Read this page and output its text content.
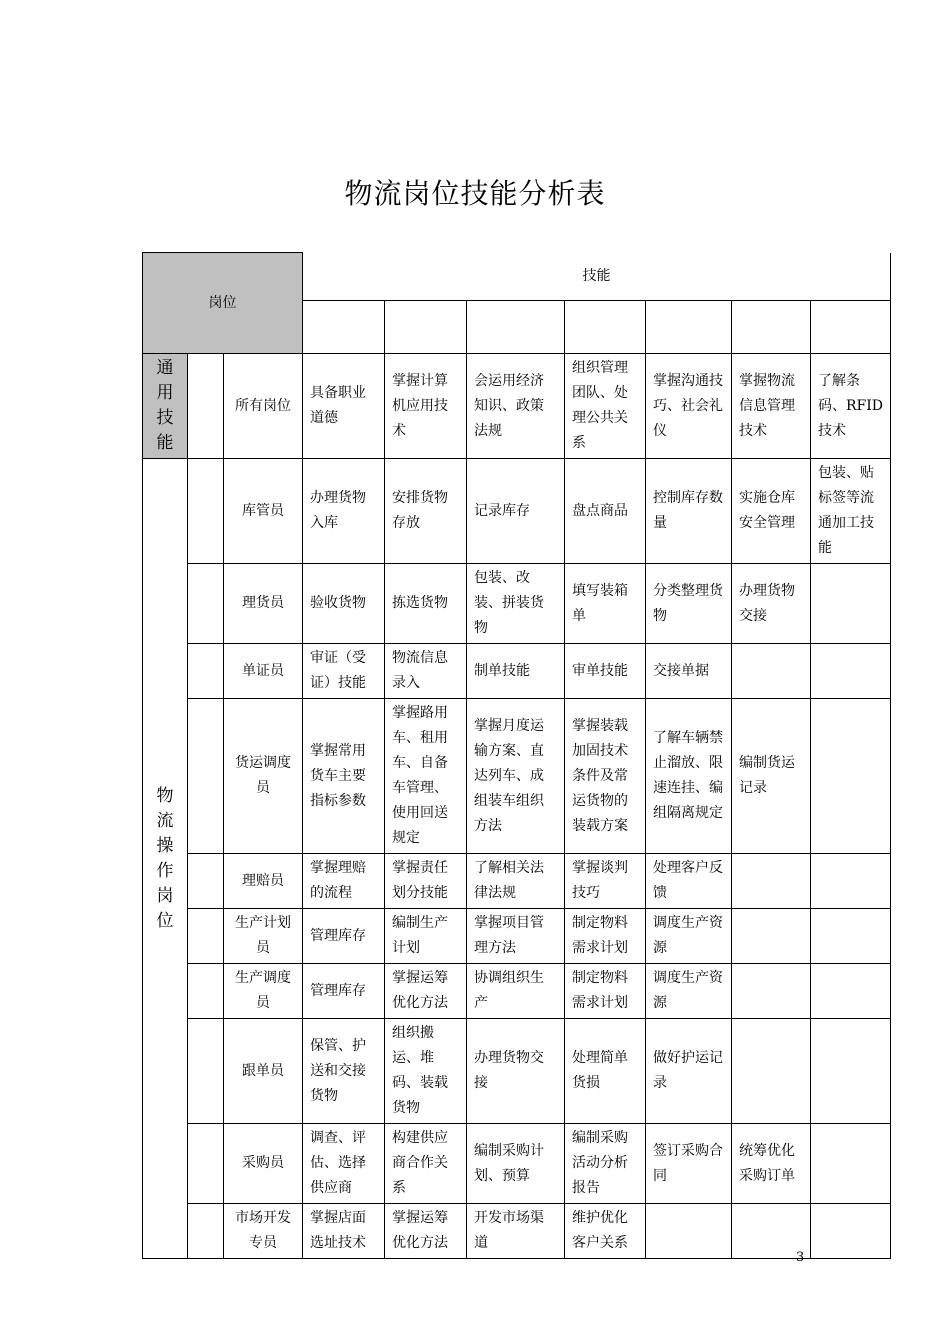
物流岗位技能分析表
岗位			技能						

通用技能		所有岗位	具备职业道德	掌握计算机应用技术	会运用经济知识、政策法规	组织管理团队、处理公共关系	掌握沟通技巧、社会礼仪	掌握物流信息管理技术	了解条码、RFID技术
物流操作岗位		库管员	办理货物入库	安排货物存放	记录库存	盘点商品	控制库存数量	实施仓库安全管理	包装、贴标签等流通加工技能
		理货员	验收货物	拣选货物	包装、改装、拼装货物	填写装箱单	分类整理货物	办理货物交接	
		单证员	审证（受证）技能	物流信息录入	制单技能	审单技能	交接单据		
		货运调度员	掌握常用货车主要指标参数	掌握路用车、租用车、自备车管理、使用回送规定	掌握月度运输方案、直达列车、成组装车组织方法	掌握装载加固技术条件及常运货物的装载方案	了解车辆禁止溜放、限速连挂、编组隔离规定	编制货运记录	
		理赔员	掌握理赔的流程	掌握责任划分技能	了解相关法律法规	掌握谈判技巧	处理客户反馈		
		生产计划员	管理库存	编制生产计划	掌握项目管理方法	制定物料需求计划	调度生产资源		
		生产调度员	管理库存	掌握运筹优化方法	协调组织生产	制定物料需求计划	调度生产资源		
		跟单员	保管、护送和交接货物	组织搬运、堆码、装载货物	办理货物交接	处理简单货损	做好护运记录		
		采购员	调查、评估、选择供应商	构建供应商合作关系	编制采购计划、预算	编制采购活动分析报告	签订采购合同	统筹优化采购订单	
		市场开发专员	掌握店面选址技术	掌握运筹优化方法	开发市场渠道	维护优化客户关系			
3
